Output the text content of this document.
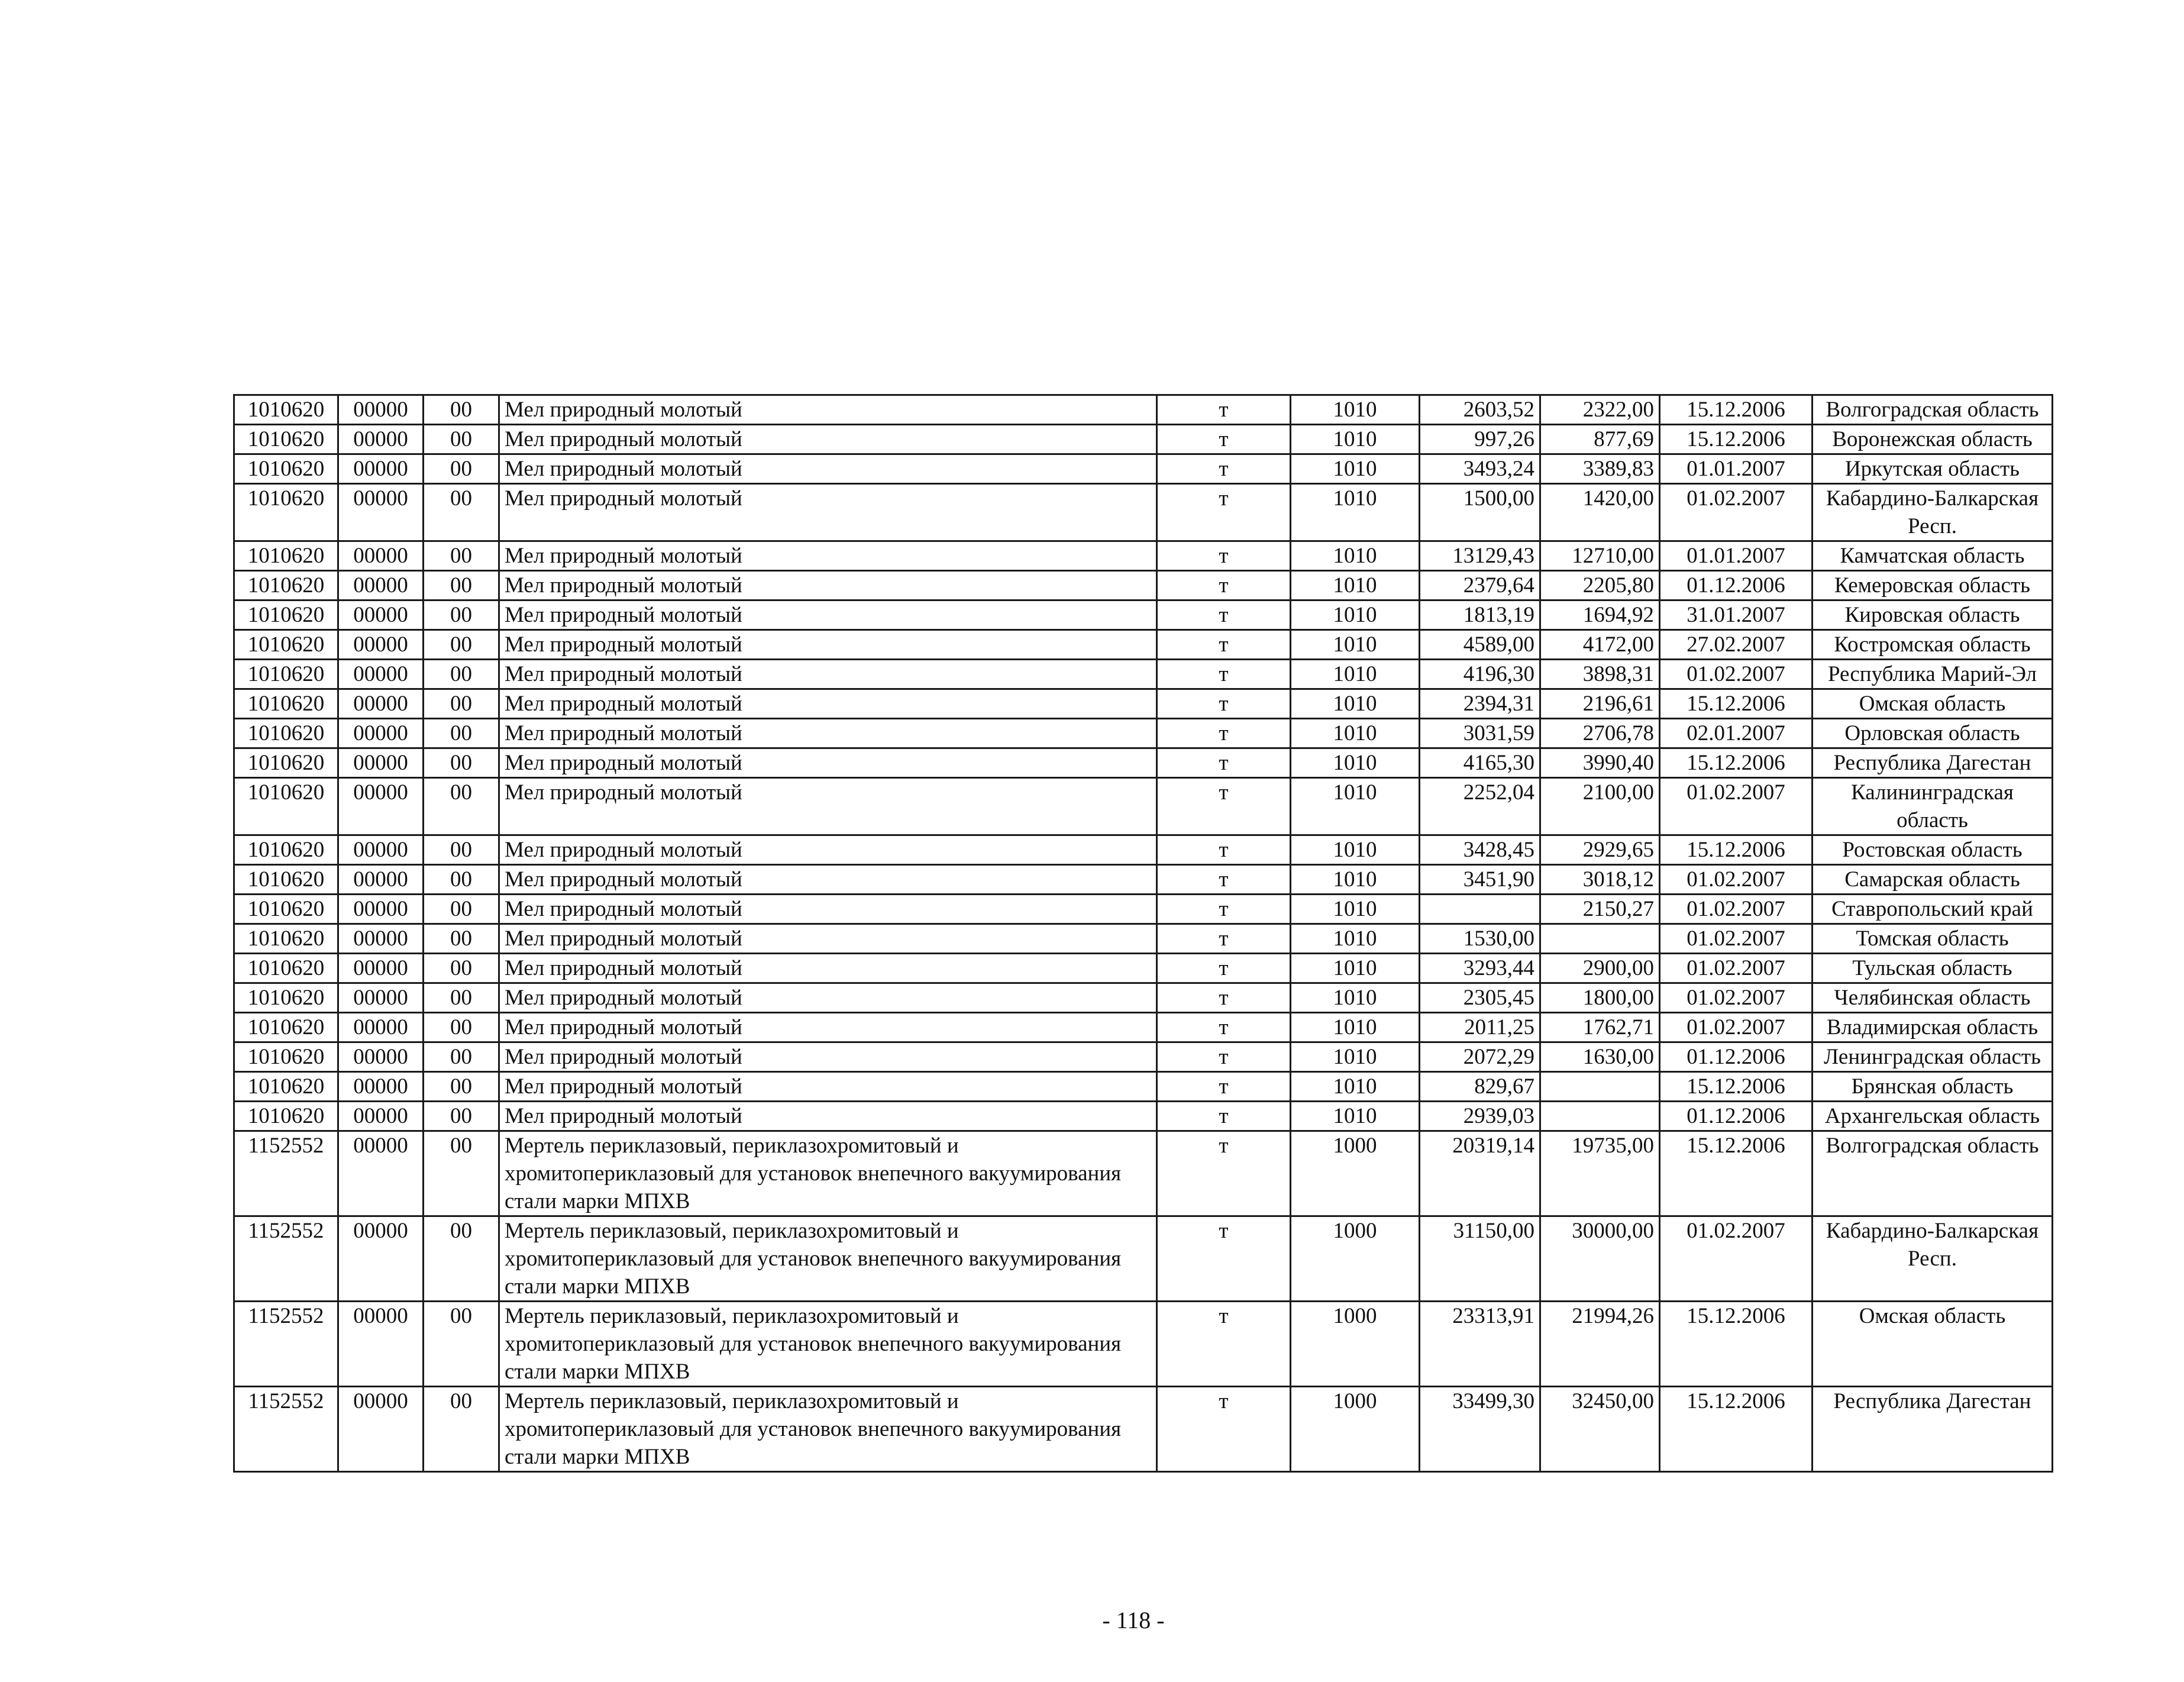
1010620	00000	00	Мел природный молотый	т	1010	2603,52	2322,00	15.12.2006	Волгоградская область
1010620	00000	00	Мел природный молотый	т	1010	997,26	877,69	15.12.2006	Воронежская область
1010620	00000	00	Мел природный молотый	т	1010	3493,24	3389,83	01.01.2007	Иркутская область
1010620	00000	00	Мел природный молотый	т	1010	1500,00	1420,00	01.02.2007	Кабардино-Балкарская Респ.
1010620	00000	00	Мел природный молотый	т	1010	13129,43	12710,00	01.01.2007	Камчатская область
1010620	00000	00	Мел природный молотый	т	1010	2379,64	2205,80	01.12.2006	Кемеровская область
1010620	00000	00	Мел природный молотый	т	1010	1813,19	1694,92	31.01.2007	Кировская область
1010620	00000	00	Мел природный молотый	т	1010	4589,00	4172,00	27.02.2007	Костромская область
1010620	00000	00	Мел природный молотый	т	1010	4196,30	3898,31	01.02.2007	Республика Марий-Эл
1010620	00000	00	Мел природный молотый	т	1010	2394,31	2196,61	15.12.2006	Омская область
1010620	00000	00	Мел природный молотый	т	1010	3031,59	2706,78	02.01.2007	Орловская область
1010620	00000	00	Мел природный молотый	т	1010	4165,30	3990,40	15.12.2006	Республика Дагестан
1010620	00000	00	Мел природный молотый	т	1010	2252,04	2100,00	01.02.2007	Калининградская область
1010620	00000	00	Мел природный молотый	т	1010	3428,45	2929,65	15.12.2006	Ростовская область
1010620	00000	00	Мел природный молотый	т	1010	3451,90	3018,12	01.02.2007	Самарская область
1010620	00000	00	Мел природный молотый	т	1010		2150,27	01.02.2007	Ставропольский край
1010620	00000	00	Мел природный молотый	т	1010	1530,00		01.02.2007	Томская область
1010620	00000	00	Мел природный молотый	т	1010	3293,44	2900,00	01.02.2007	Тульская область
1010620	00000	00	Мел природный молотый	т	1010	2305,45	1800,00	01.02.2007	Челябинская область
1010620	00000	00	Мел природный молотый	т	1010	2011,25	1762,71	01.02.2007	Владимирская область
1010620	00000	00	Мел природный молотый	т	1010	2072,29	1630,00	01.12.2006	Ленинградская область
1010620	00000	00	Мел природный молотый	т	1010	829,67		15.12.2006	Брянская область
1010620	00000	00	Мел природный молотый	т	1010	2939,03		01.12.2006	Архангельская область
1152552	00000	00	Мертель периклазовый, периклазохромитовый и хромитопериклазовый для установок внепечного вакуумирования стали марки МПХВ	т	1000	20319,14	19735,00	15.12.2006	Волгоградская область
1152552	00000	00	Мертель периклазовый, периклазохромитовый и хромитопериклазовый для установок внепечного вакуумирования стали марки МПХВ	т	1000	31150,00	30000,00	01.02.2007	Кабардино-Балкарская Респ.
1152552	00000	00	Мертель периклазовый, периклазохромитовый и хромитопериклазовый для установок внепечного вакуумирования стали марки МПХВ	т	1000	23313,91	21994,26	15.12.2006	Омская область
1152552	00000	00	Мертель периклазовый, периклазохромитовый и хромитопериклазовый для установок внепечного вакуумирования стали марки МПХВ	т	1000	33499,30	32450,00	15.12.2006	Республика Дагестан
- 118 -
